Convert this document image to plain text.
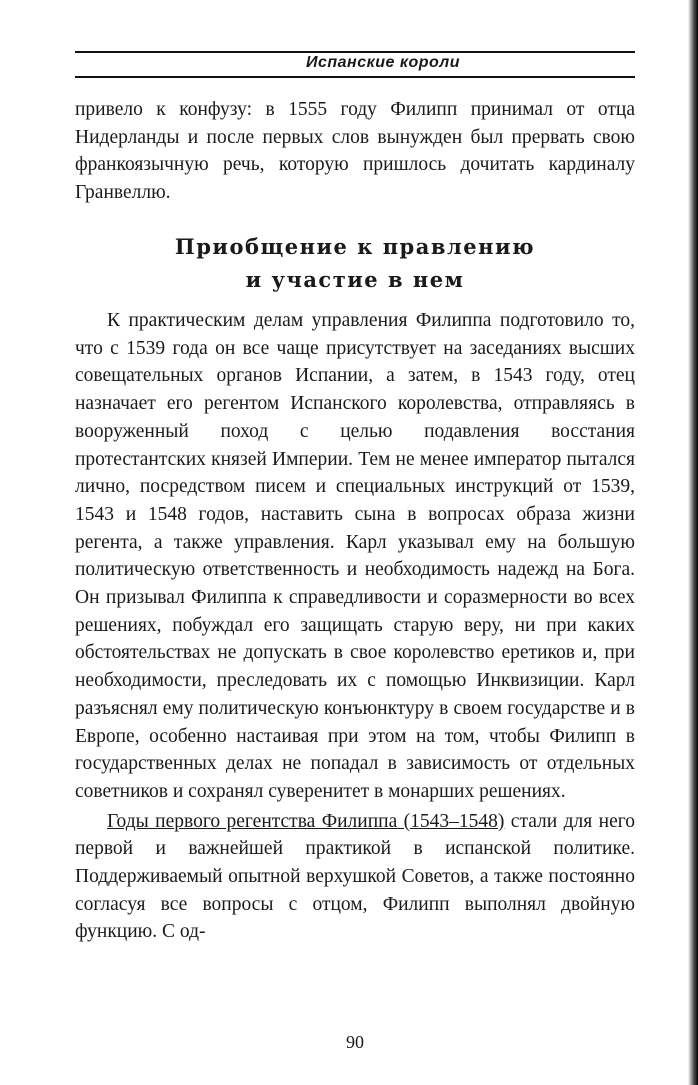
Испанские короли

привело к конфузу: в 1555 году Филипп принимал от отца Нидерланды и после первых слов вынужден был прервать свою франкоязычную речь, которую пришлось дочитать кардиналу Гранвеллю.

Приобщение к правлению
и участие в нем

К практическим делам управления Филиппа подготовило то, что с 1539 года он все чаще присутствует на заседаниях высших совещательных органов Испании, а затем, в 1543 году, отец назначает его регентом Испанского королевства, отправляясь в вооруженный поход с целью подавления восстания протестантских князей Империи. Тем не менее император пытался лично, посредством писем и специальных инструкций от 1539, 1543 и 1548 годов, наставить сына в вопросах образа жизни регента, а также управления. Карл указывал ему на большую политическую ответственность и необходимость надежд на Бога. Он призывал Филиппа к справедливости и соразмерности во всех решениях, побуждал его защищать старую веру, ни при каких обстоятельствах не допускать в свое королевство еретиков и, при необходимости, преследовать их с помощью Инквизиции. Карл разъяснял ему политическую конъюнктуру в своем государстве и в Европе, особенно настаивая при этом на том, чтобы Филипп в государственных делах не попадал в зависимость от отдельных советников и сохранял суверенитет в монарших решениях.

Годы первого регентства Филиппа (1543–1548) стали для него первой и важнейшей практикой в испанской политике. Поддерживаемый опытной верхушкой Советов, а также постоянно согласуя все вопросы с отцом, Филипп выполнял двойную функцию. С од-

90
